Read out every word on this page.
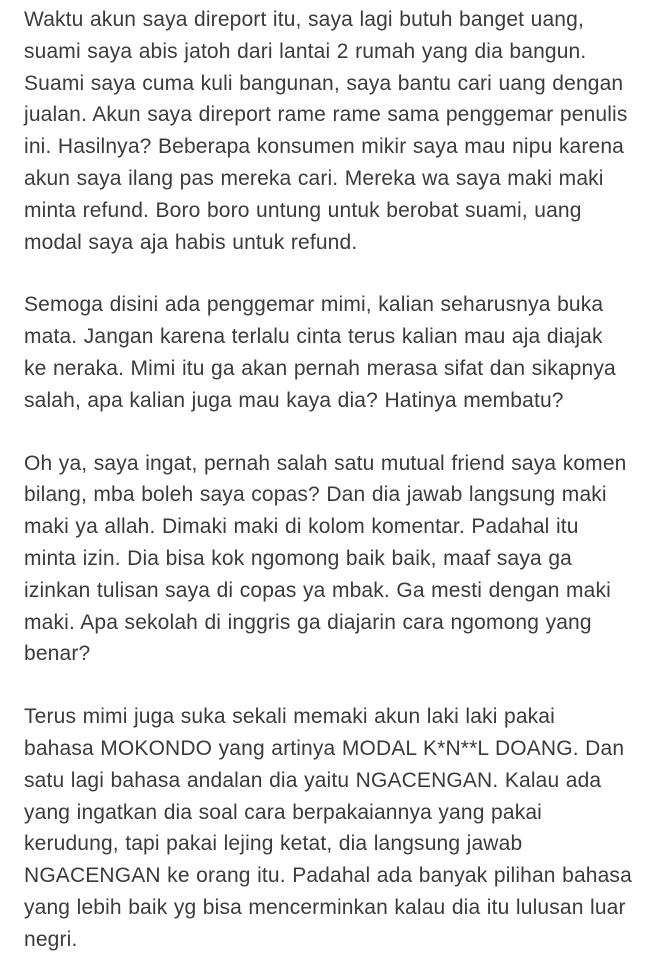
Waktu akun saya direport itu, saya lagi butuh banget uang,
suami saya abis jatoh dari lantai 2 rumah yang dia bangun.
Suami saya cuma kuli bangunan, saya bantu cari uang dengan
jualan. Akun saya direport rame rame sama penggemar penulis
ini. Hasilnya? Beberapa konsumen mikir saya mau nipu karena
akun saya ilang pas mereka cari. Mereka wa saya maki maki
minta refund. Boro boro untung untuk berobat suami, uang
modal saya aja habis untuk refund.

Semoga disini ada penggemar mimi, kalian seharusnya buka
mata. Jangan karena terlalu cinta terus kalian mau aja diajak
ke neraka. Mimi itu ga akan pernah merasa sifat dan sikapnya
salah, apa kalian juga mau kaya dia? Hatinya membatu?

Oh ya, saya ingat, pernah salah satu mutual friend saya komen
bilang, mba boleh saya copas? Dan dia jawab langsung maki
maki ya allah. Dimaki maki di kolom komentar. Padahal itu
minta izin. Dia bisa kok ngomong baik baik, maaf saya ga
izinkan tulisan saya di copas ya mbak. Ga mesti dengan maki
maki. Apa sekolah di inggris ga diajarin cara ngomong yang
benar?

Terus mimi juga suka sekali memaki akun laki laki pakai
bahasa MOKONDO yang artinya MODAL K*N**L DOANG. Dan
satu lagi bahasa andalan dia yaitu NGACENGAN. Kalau ada
yang ingatkan dia soal cara berpakaiannya yang pakai
kerudung, tapi pakai lejing ketat, dia langsung jawab
NGACENGAN ke orang itu. Padahal ada banyak pilihan bahasa
yang lebih baik yg bisa mencerminkan kalau dia itu lulusan luar
negri.
